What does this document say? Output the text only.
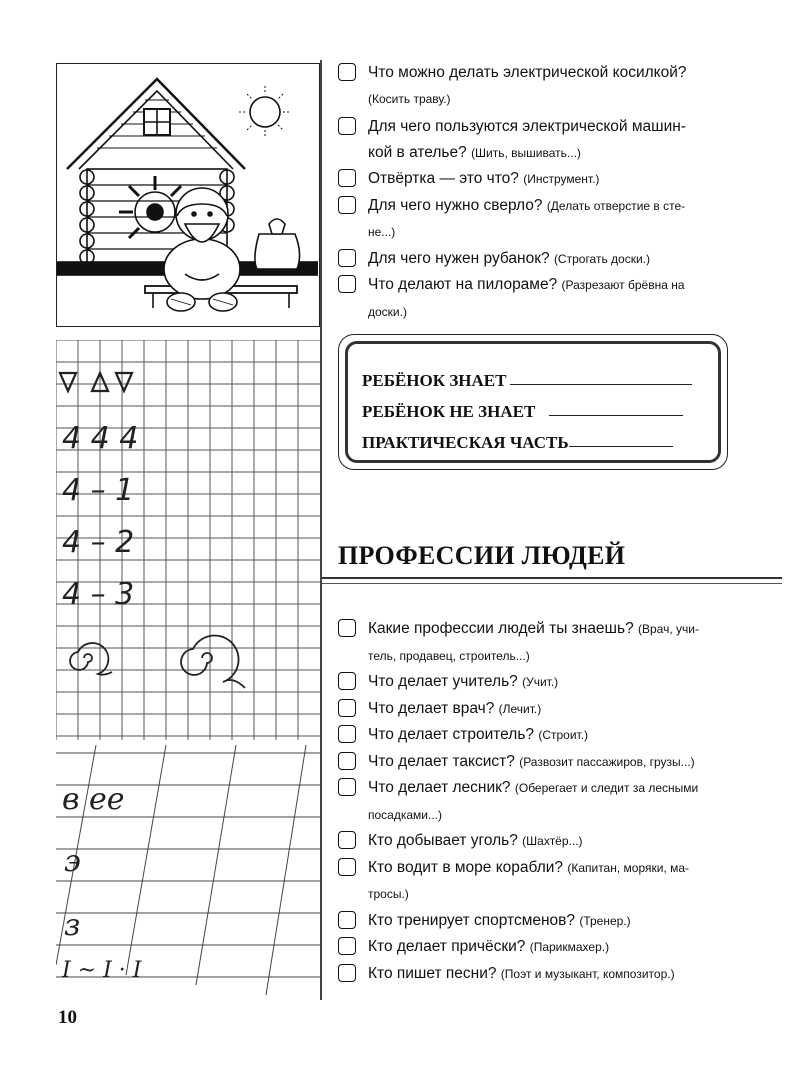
4 4 4
4 – 1
4 – 2
4 – 3
в ее
э
з
I ~ I · I
Что можно делать электрической косилкой?
(Косить траву.)
Для чего пользуются электрической машин-
кой в ателье? (Шить, вышивать...)
Отвёртка — это что? (Инструмент.)
Для чего нужно сверло? (Делать отверстие в сте-
не...)
Для чего нужен рубанок? (Строгать доски.)
Что делают на пилораме? (Разрезают брёвна на
доски.)
РЕБЁНОК ЗНАЕТ
РЕБЁНОК НЕ ЗНАЕТ
ПРАКТИЧЕСКАЯ ЧАСТЬ
ПРОФЕССИИ ЛЮДЕЙ
Какие профессии людей ты знаешь? (Врач, учи-
тель, продавец, строитель...)
Что делает учитель? (Учит.)
Что делает врач? (Лечит.)
Что делает строитель? (Строит.)
Что делает таксист? (Развозит пассажиров, грузы...)
Что делает лесник? (Оберегает и следит за лесными
посадками...)
Кто добывает уголь? (Шахтёр...)
Кто водит в море корабли? (Капитан, моряки, ма-
тросы.)
Кто тренирует спортсменов? (Тренер.)
Кто делает причёски? (Парикмахер.)
Кто пишет песни? (Поэт и музыкант, композитор.)
10
